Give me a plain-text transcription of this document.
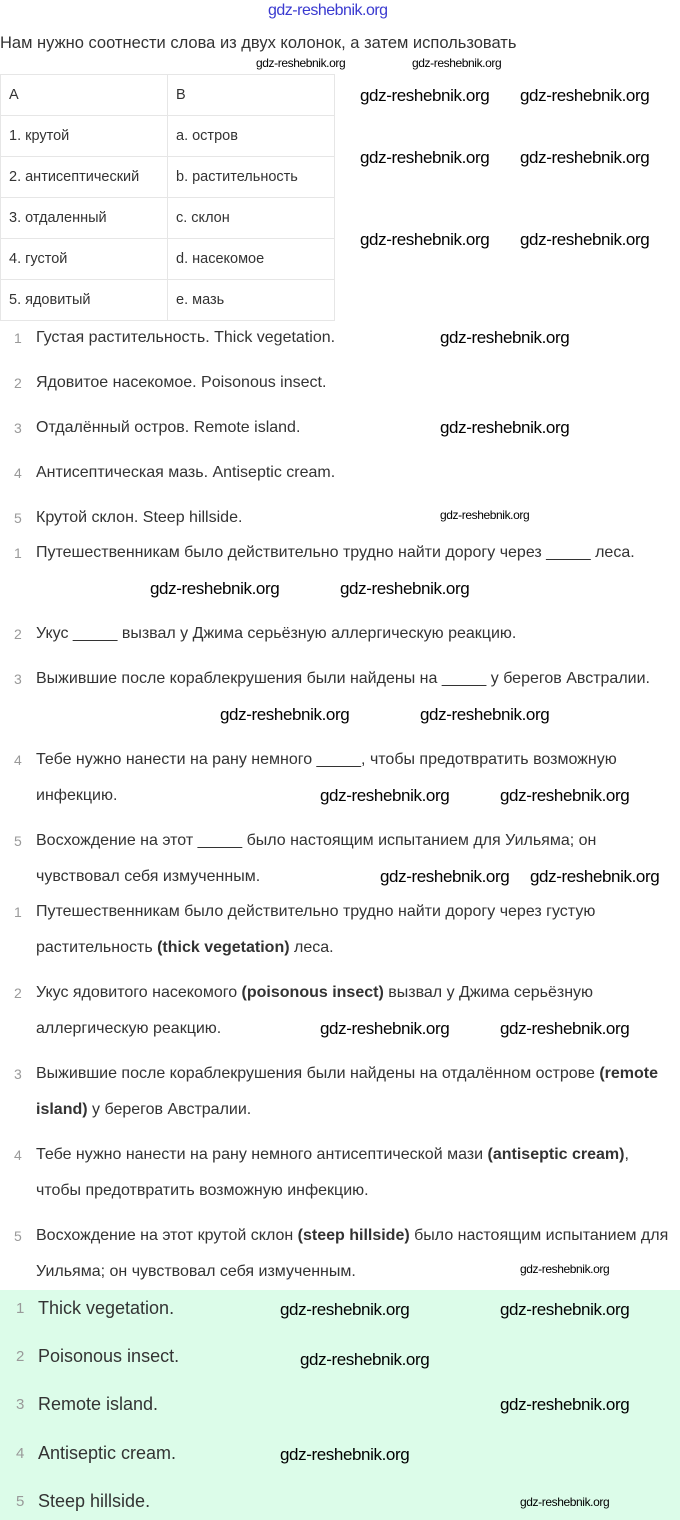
gdz-reshebnik.org
Нам нужно соотнести слова из двух колонок, а затем использовать
A	B
1. крутой	a. остров
2. антисептический	b. растительность
3. отдаленный	c. склон
4. густой	d. насекомое
5. ядовитый	e. мазь
1 Густая растительность. Thick vegetation.
2 Ядовитое насекомое. Poisonous insect.
3 Отдалённый остров. Remote island.
4 Антисептическая мазь. Antiseptic cream.
5 Крутой склон. Steep hillside.
1 Путешественникам было действительно трудно найти дорогу через _____ леса.
2 Укус _____ вызвал у Джима серьёзную аллергическую реакцию.
3 Выжившие после кораблекрушения были найдены на _____ у берегов Австралии.
4 Тебе нужно нанести на рану немного _____, чтобы предотвратить возможную инфекцию.
5 Восхождение на этот _____ было настоящим испытанием для Уильяма; он чувствовал себя измученным.
1 Путешественникам было действительно трудно найти дорогу через густую растительность (thick vegetation) леса.
2 Укус ядовитого насекомого (poisonous insect) вызвал у Джима серьёзную аллергическую реакцию.
3 Выжившие после кораблекрушения были найдены на отдалённом острове (remote island) у берегов Австралии.
4 Тебе нужно нанести на рану немного антисептической мази (antiseptic cream), чтобы предотвратить возможную инфекцию.
5 Восхождение на этот крутой склон (steep hillside) было настоящим испытанием для Уильяма; он чувствовал себя измученным.
1 Thick vegetation.
2 Poisonous insect.
3 Remote island.
4 Antiseptic cream.
5 Steep hillside.
gdz-reshebnik.org	gdz-reshebnik.org
gdz-reshebnik.org gdz-reshebnik.org
gdz-reshebnik.org gdz-reshebnik.org
gdz-reshebnik.org gdz-reshebnik.org
gdz-reshebnik.org
gdz-reshebnik.org
gdz-reshebnik.org
gdz-reshebnik.org	gdz-reshebnik.org
gdz-reshebnik.org	gdz-reshebnik.org
gdz-reshebnik.org	gdz-reshebnik.org
gdz-reshebnik.org gdz-reshebnik.org
gdz-reshebnik.org	gdz-reshebnik.org
gdz-reshebnik.org
gdz-reshebnik.org	gdz-reshebnik.org
gdz-reshebnik.org
gdz-reshebnik.org
gdz-reshebnik.org
gdz-reshebnik.org
